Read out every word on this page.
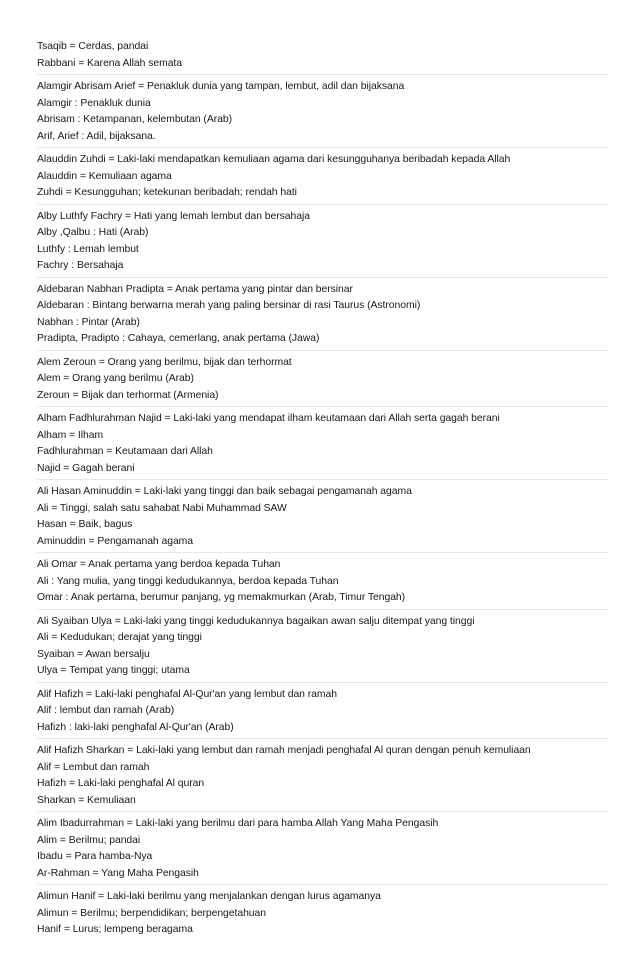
Tsaqib = Cerdas, pandai
Rabbani = Karena Allah semata
Alamgir Abrisam Arief = Penakluk dunia yang tampan, lembut, adil dan bijaksana
Alamgir : Penakluk dunia
Abrisam : Ketampanan, kelembutan (Arab)
Arif, Arief : Adil, bijaksana.
Alauddin Zuhdi = Laki-laki mendapatkan kemuliaan agama dari kesungguhanya beribadah kepada Allah
Alauddin = Kemuliaan agama
Zuhdi = Kesungguhan; ketekunan beribadah; rendah hati
Alby Luthfy Fachry = Hati yang lemah lembut dan bersahaja
Alby ,Qalbu : Hati (Arab)
Luthfy : Lemah lembut
Fachry : Bersahaja
Aldebaran Nabhan Pradipta = Anak pertama yang pintar dan bersinar
Aldebaran : Bintang berwarna merah yang paling bersinar di rasi Taurus (Astronomi)
Nabhan : Pintar (Arab)
Pradipta, Pradipto : Cahaya, cemerlang, anak pertama (Jawa)
Alem Zeroun = Orang yang berilmu, bijak dan terhormat
Alem = Orang yang berilmu (Arab)
Zeroun = Bijak dan terhormat (Armenia)
Alham Fadhlurahman Najid = Laki-laki yang mendapat ilham keutamaan dari Allah serta gagah berani
Alham = Ilham
Fadhlurahman = Keutamaan dari Allah
Najid = Gagah berani
Ali Hasan Aminuddin = Laki-laki yang tinggi dan baik sebagai pengamanah agama
Ali = Tinggi, salah satu sahabat Nabi Muhammad SAW
Hasan = Baik, bagus
Aminuddin = Pengamanah agama
Ali Omar = Anak pertama yang berdoa kepada Tuhan
Ali : Yang mulia, yang tinggi kedudukannya, berdoa kepada Tuhan
Omar : Anak pertama, berumur panjang, yg memakmurkan (Arab, Timur Tengah)
Ali Syaiban Ulya = Laki-laki yang tinggi kedudukannya bagaikan awan salju ditempat yang tinggi
Ali = Kedudukan; derajat yang tinggi
Syaiban = Awan bersalju
Ulya = Tempat yang tinggi; utama
Alif Hafizh = Laki-laki penghafal Al-Qur'an yang lembut dan ramah
Alif : lembut dan ramah (Arab)
Hafizh : laki-laki penghafal Al-Qur'an (Arab)
Alif Hafizh Sharkan = Laki-laki yang lembut dan ramah menjadi penghafal Al quran dengan penuh kemuliaan
Alif = Lembut dan ramah
Hafizh = Laki-laki penghafal Al quran
Sharkan = Kemuliaan
Alim Ibadurrahman = Laki-laki yang berilmu dari para hamba Allah Yang Maha Pengasih
Alim = Berilmu; pandai
Ibadu = Para hamba-Nya
Ar-Rahman = Yang Maha Pengasih
Alimun Hanif = Laki-laki berilmu yang menjalankan dengan lurus agamanya
Alimun = Berilmu; berpendidikan; berpengetahuan
Hanif = Lurus; lempeng beragama
